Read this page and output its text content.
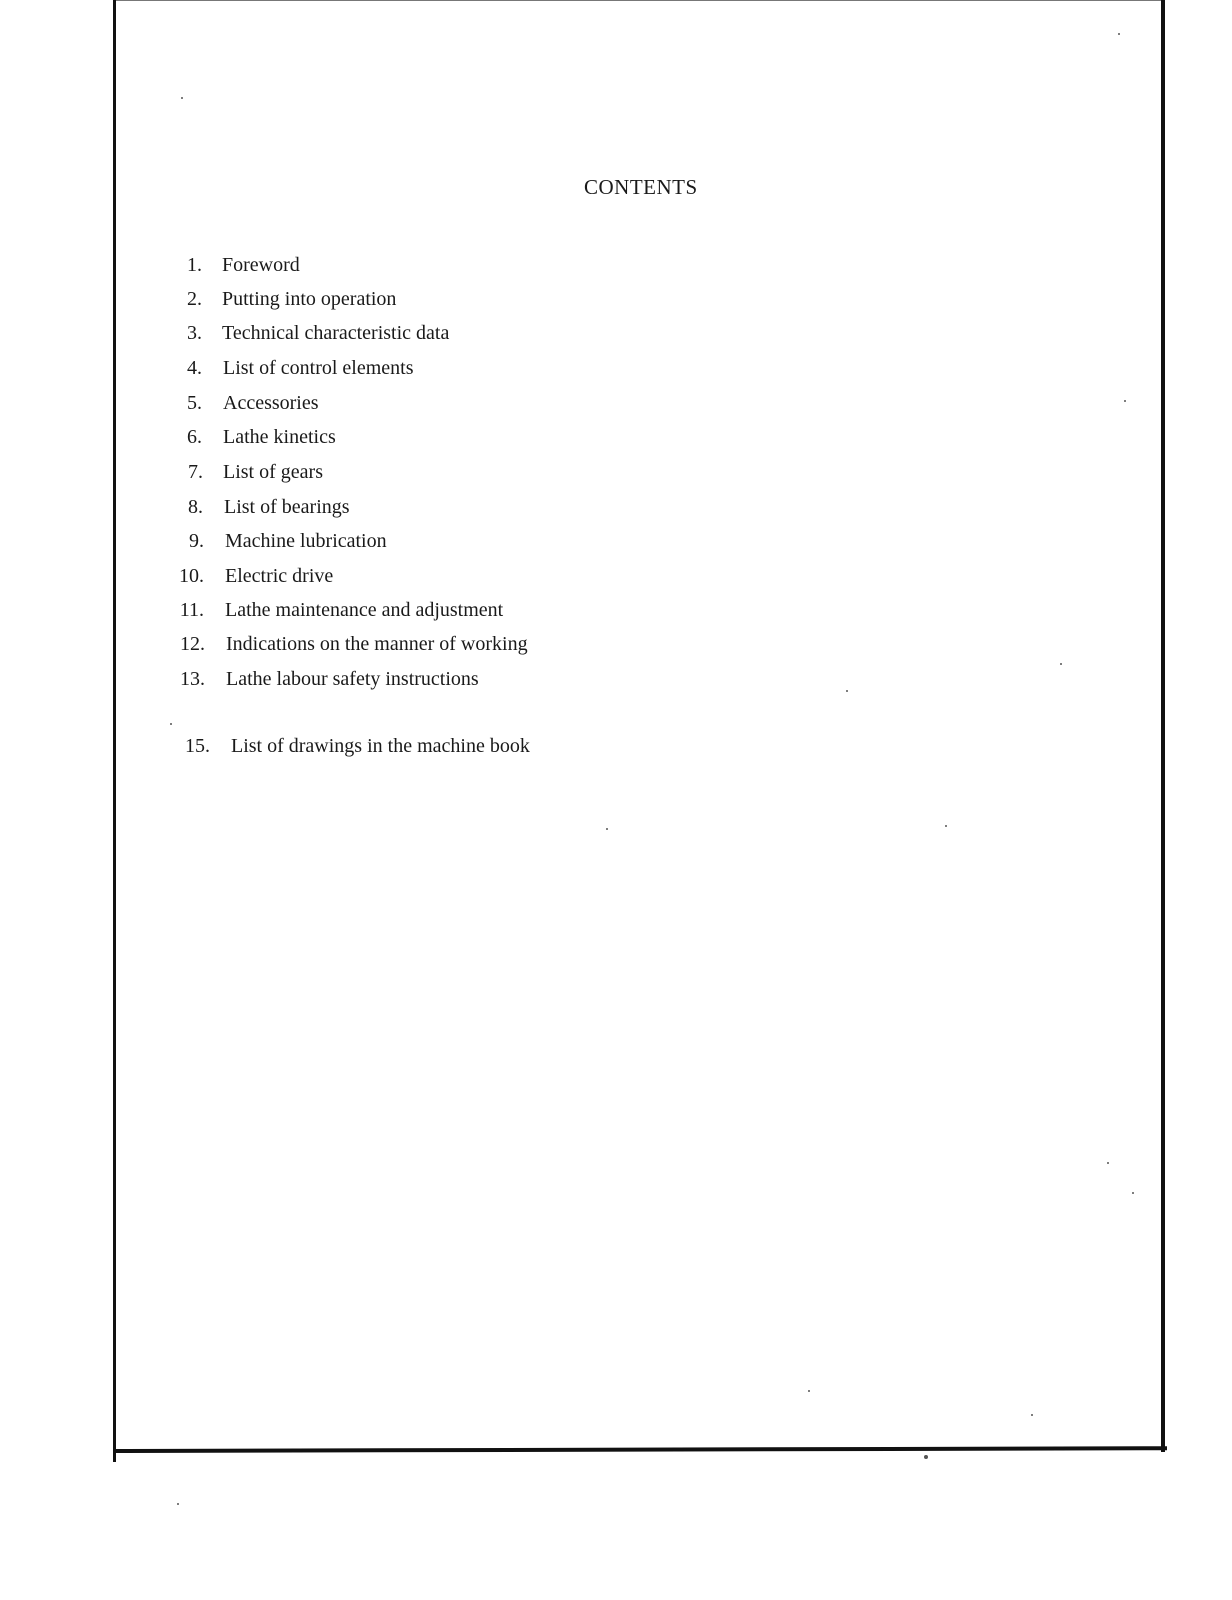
CONTENTS
1. Foreword
2. Putting into operation
3. Technical characteristic data
4. List of control elements
5. Accessories
6. Lathe kinetics
7. List of gears
8. List of bearings
9. Machine lubrication
10. Electric drive
11. Lathe maintenance and adjustment
12. Indications on the manner of working
13. Lathe labour safety instructions
15. List of drawings in the machine book
